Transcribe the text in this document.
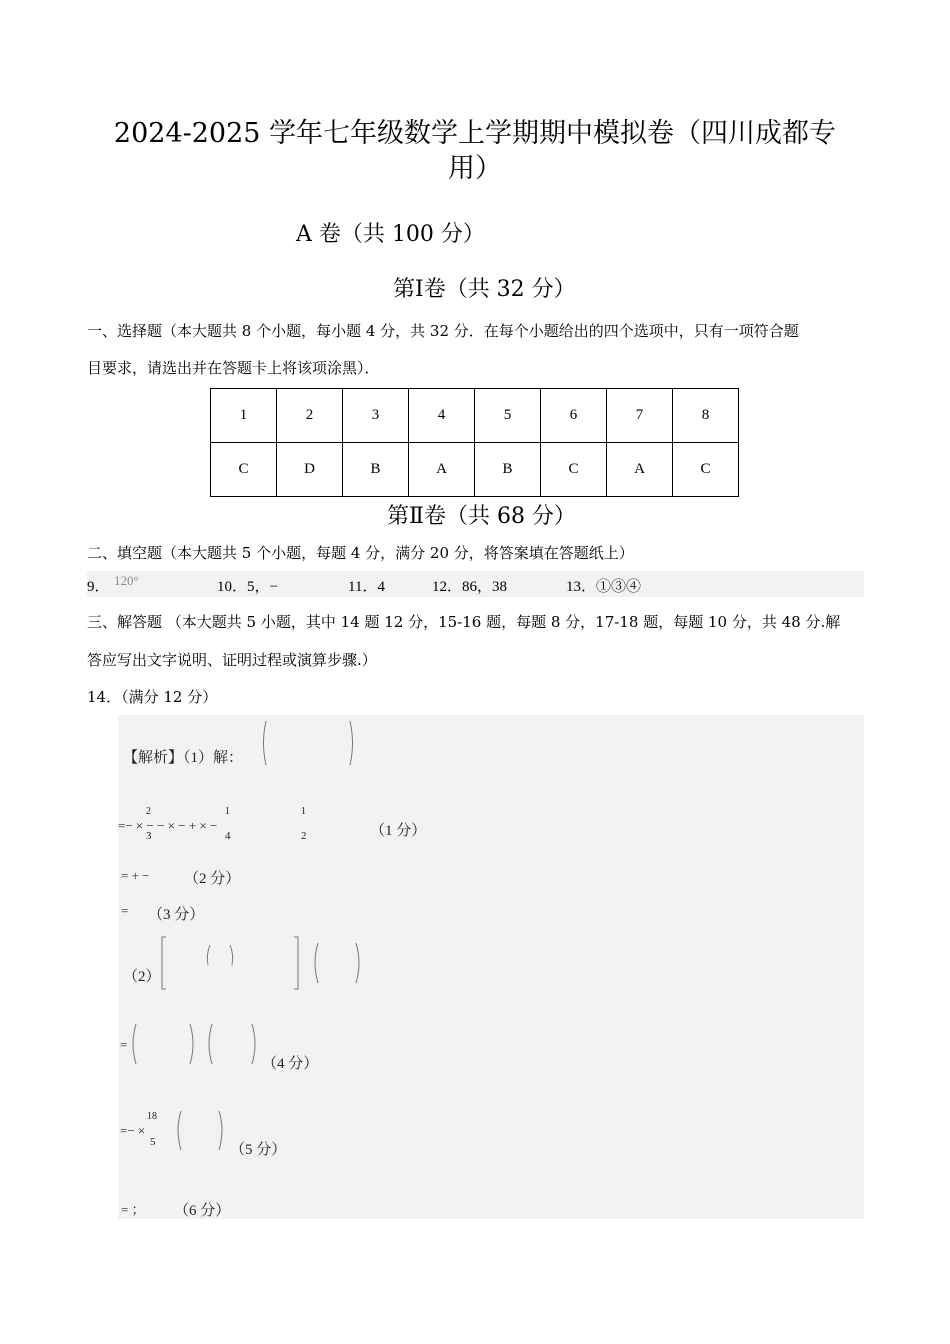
2024-2025 学年七年级数学上学期期中模拟卷（四川成都专
用）
A 卷（共 100 分）
第Ⅰ卷（共 32 分）
一、选择题（本大题共 8 个小题，每小题 4 分，共 32 分．在每个小题给出的四个选项中，只有一项符合题
目要求，请选出并在答题卡上将该项涂黑）．
1	2	3	4	5	6	7	8
C	D	B	A	B	C	A	C
第Ⅱ卷（共 68 分）
二、填空题（本大题共 5 个小题，每题 4 分，满分 20 分，将答案填在答题纸上）
9． 120°	10．5，−	11．4	12．86，38	13．①③④
三、解答题 （本大题共 5 小题，其中 14 题 12 分，15-16 题，每题 8 分，17-18 题，每题 10 分，共 48 分.解
答应写出文字说明、证明过程或演算步骤.）
14．（满分 12 分）
【解析】（1）解：
=− × − − × − + × −
2
3
1
4
1
2	（1 分）
= + − （2 分）
= （3 分）
（2）
=
（4 分）
=− ×
18
5	（5 分）
= ； （6 分）
